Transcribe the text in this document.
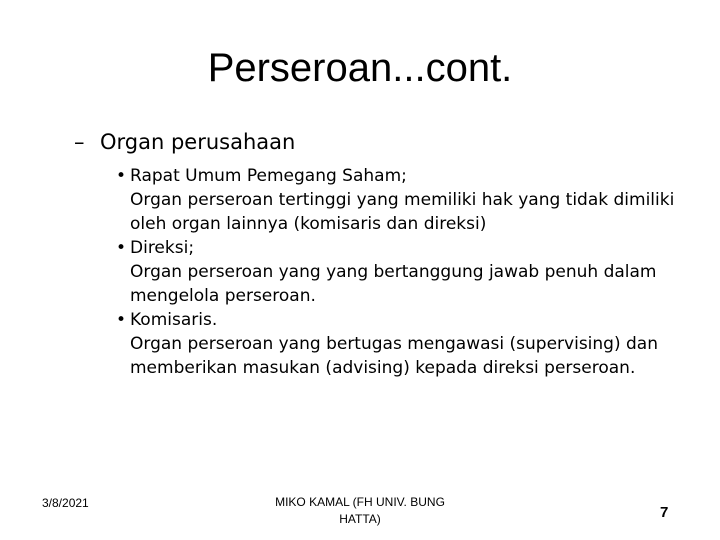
Perseroan...cont.
– Organ perusahaan
• Rapat Umum Pemegang Saham;
Organ perseroan tertinggi yang memiliki hak yang tidak dimiliki oleh organ lainnya (komisaris dan direksi)
• Direksi;
Organ perseroan yang yang bertanggung jawab penuh dalam mengelola perseroan.
• Komisaris.
Organ perseroan yang bertugas mengawasi (supervising) dan memberikan masukan (advising) kepada direksi perseroan.
3/8/2021	MIKO KAMAL (FH UNIV. BUNG
HATTA)	7
